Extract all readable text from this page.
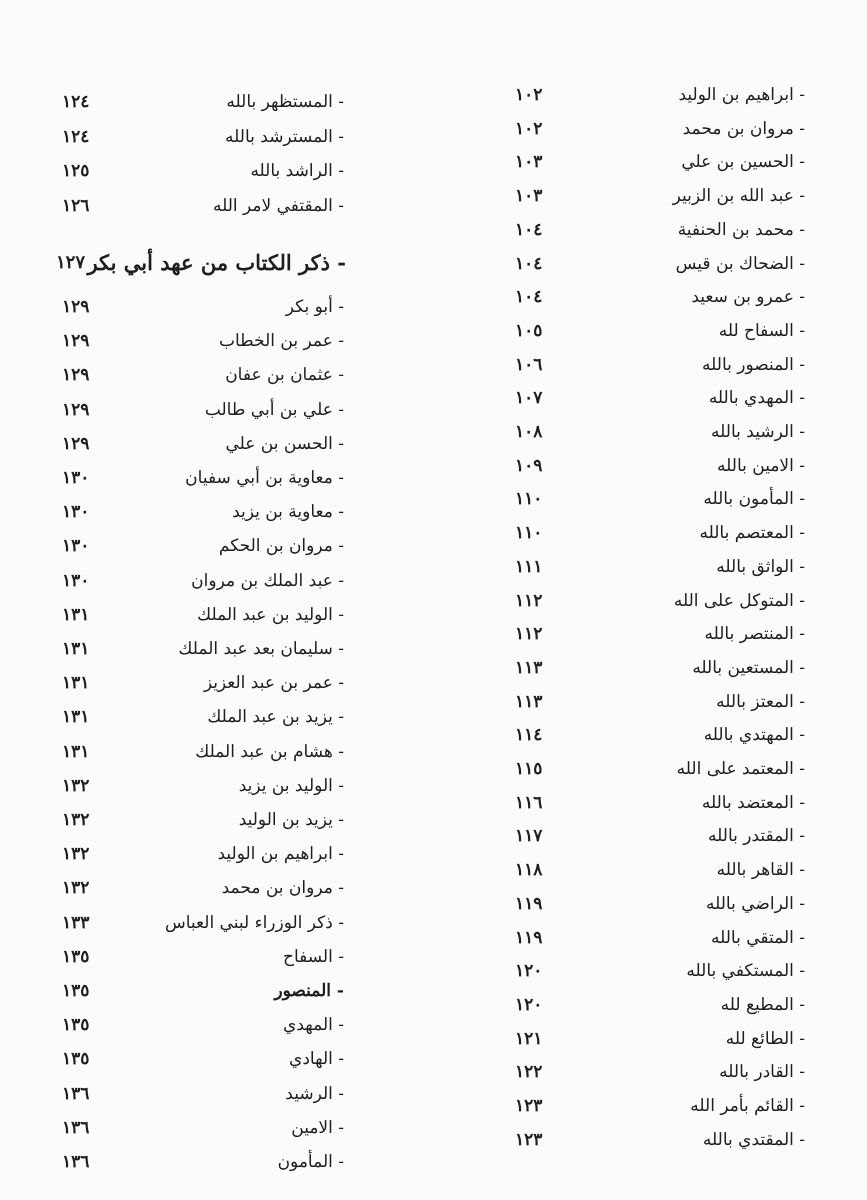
- ابراهيم بن الوليد
١٠٢
- مروان بن محمد
١٠٢
- الحسين بن علي
١٠٣
- عبد الله بن الزبير
١٠٣
- محمد بن الحنفية
١٠٤
- الضحاك بن قيس
١٠٤
- عمرو بن سعيد
١٠٤
- السفاح لله
١٠٥
- المنصور بالله
١٠٦
- المهدي بالله
١٠٧
- الرشيد بالله
١٠٨
- الامين بالله
١٠٩
- المأمون بالله
١١٠
- المعتصم بالله
١١٠
- الواثق بالله
١١١
- المتوكل على الله
١١٢
- المنتصر بالله
١١٢
- المستعين بالله
١١٣
- المعتز بالله
١١٣
- المهتدي بالله
١١٤
- المعتمد على الله
١١٥
- المعتضد بالله
١١٦
- المقتدر بالله
١١٧
- القاهر بالله
١١٨
- الراضي بالله
١١٩
- المتقي بالله
١١٩
- المستكفي بالله
١٢٠
- المطيع لله
١٢٠
- الطائع لله
١٢١
- القادر بالله
١٢٢
- القائم بأمر الله
١٢٣
- المقتدي بالله
١٢٣
- المستظهر بالله
١٢٤
- المسترشد بالله
١٢٤
- الراشد بالله
١٢٥
- المقتفي لامر الله
١٢٦
- ذكر الكتاب من عهد أبي بكر
١٢٧
- أبو بكر
١٢٩
- عمر بن الخطاب
١٢٩
- عثمان بن عفان
١٢٩
- علي بن أبي طالب
١٢٩
- الحسن بن علي
١٢٩
- معاوية بن أبي سفيان
١٣٠
- معاوية بن يزيد
١٣٠
- مروان بن الحكم
١٣٠
- عبد الملك بن مروان
١٣٠
- الوليد بن عبد الملك
١٣١
- سليمان بعد عبد الملك
١٣١
- عمر بن عبد العزيز
١٣١
- يزيد بن عبد الملك
١٣١
- هشام بن عبد الملك
١٣١
- الوليد بن يزيد
١٣٢
- يزيد بن الوليد
١٣٢
- ابراهيم بن الوليد
١٣٢
- مروان بن محمد
١٣٢
- ذكر الوزراء لبني العباس
١٣٣
- السفاح
١٣٥
- المنصور
١٣٥
- المهدي
١٣٥
- الهادي
١٣٥
- الرشيد
١٣٦
- الامين
١٣٦
- المأمون
١٣٦
